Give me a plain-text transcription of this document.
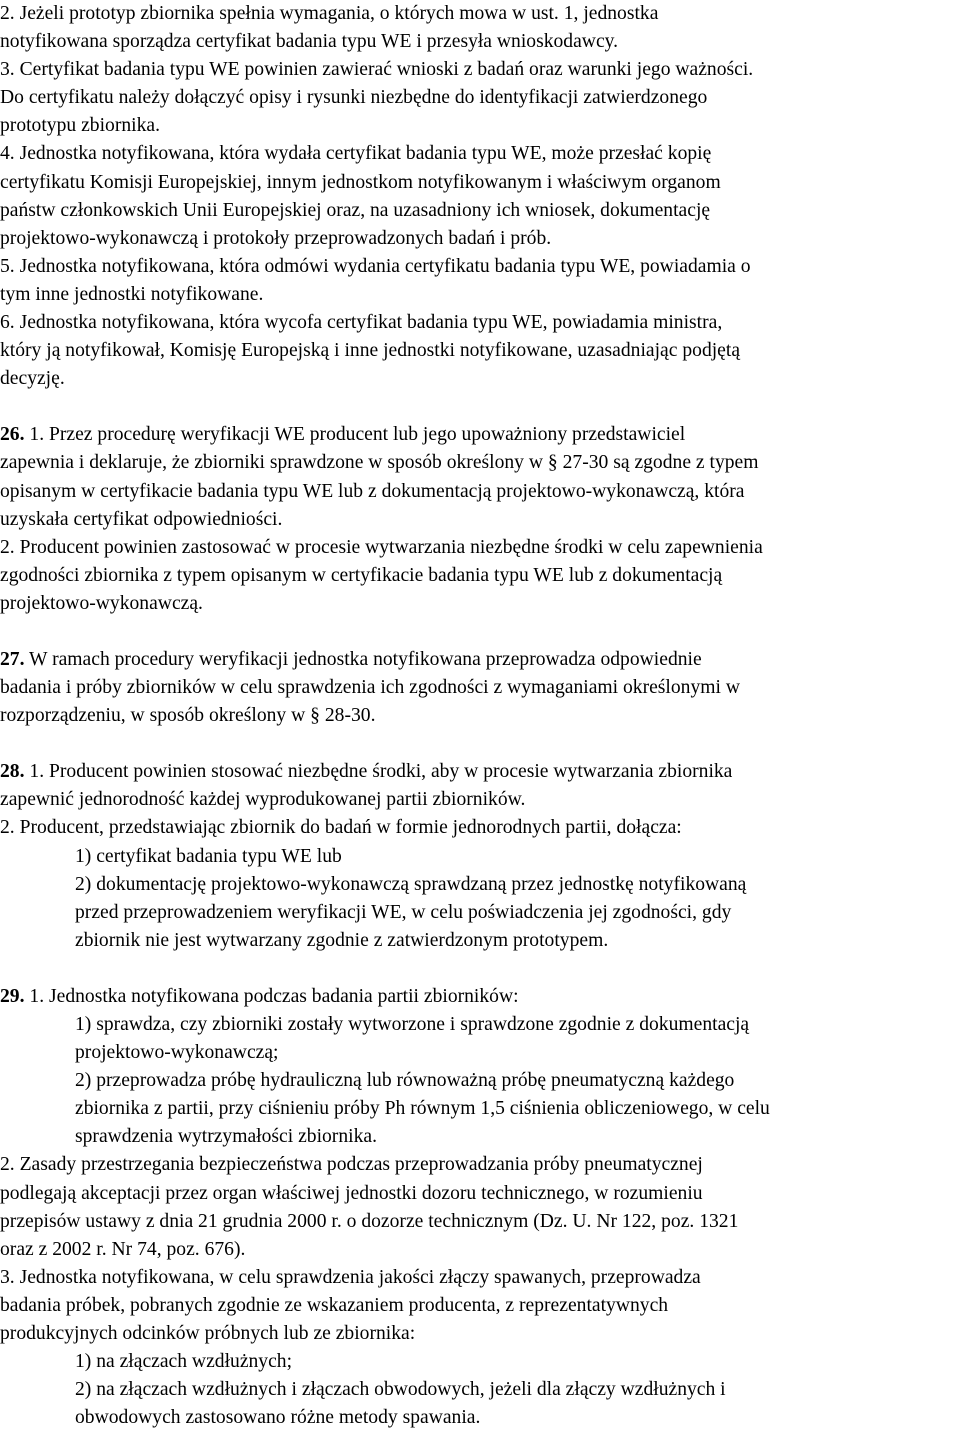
2. Jeżeli prototyp zbiornika spełnia wymagania, o których mowa w ust. 1, jednostka
notyfikowana sporządza certyfikat badania typu WE i przesyła wnioskodawcy.
3. Certyfikat badania typu WE powinien zawierać wnioski z badań oraz warunki jego ważności.
Do certyfikatu należy dołączyć opisy i rysunki niezbędne do identyfikacji zatwierdzonego
prototypu zbiornika.
4. Jednostka notyfikowana, która wydała certyfikat badania typu WE, może przesłać kopię
certyfikatu Komisji Europejskiej, innym jednostkom notyfikowanym i właściwym organom
państw członkowskich Unii Europejskiej oraz, na uzasadniony ich wniosek, dokumentację
projektowo-wykonawczą i protokoły przeprowadzonych badań i prób.
5. Jednostka notyfikowana, która odmówi wydania certyfikatu badania typu WE, powiadamia o
tym inne jednostki notyfikowane.
6. Jednostka notyfikowana, która wycofa certyfikat badania typu WE, powiadamia ministra,
który ją notyfikował, Komisję Europejską i inne jednostki notyfikowane, uzasadniając podjętą
decyzję.
26. 1. Przez procedurę weryfikacji WE producent lub jego upoważniony przedstawiciel
zapewnia i deklaruje, że zbiorniki sprawdzone w sposób określony w § 27-30 są zgodne z typem
opisanym w certyfikacie badania typu WE lub z dokumentacją projektowo-wykonawczą, która
uzyskała certyfikat odpowiedniości.
2. Producent powinien zastosować w procesie wytwarzania niezbędne środki w celu zapewnienia
zgodności zbiornika z typem opisanym w certyfikacie badania typu WE lub z dokumentacją
projektowo-wykonawczą.
27. W ramach procedury weryfikacji jednostka notyfikowana przeprowadza odpowiednie
badania i próby zbiorników w celu sprawdzenia ich zgodności z wymaganiami określonymi w
rozporządzeniu, w sposób określony w § 28-30.
28. 1. Producent powinien stosować niezbędne środki, aby w procesie wytwarzania zbiornika
zapewnić jednorodność każdej wyprodukowanej partii zbiorników.
2. Producent, przedstawiając zbiornik do badań w formie jednorodnych partii, dołącza:
1) certyfikat badania typu WE lub
2) dokumentację projektowo-wykonawczą sprawdzaną przez jednostkę notyfikowaną
przed przeprowadzeniem weryfikacji WE, w celu poświadczenia jej zgodności, gdy
zbiornik nie jest wytwarzany zgodnie z zatwierdzonym prototypem.
29. 1. Jednostka notyfikowana podczas badania partii zbiorników:
1) sprawdza, czy zbiorniki zostały wytworzone i sprawdzone zgodnie z dokumentacją
projektowo-wykonawczą;
2) przeprowadza próbę hydrauliczną lub równoważną próbę pneumatyczną każdego
zbiornika z partii, przy ciśnieniu próby Ph równym 1,5 ciśnienia obliczeniowego, w celu
sprawdzenia wytrzymałości zbiornika.
2. Zasady przestrzegania bezpieczeństwa podczas przeprowadzania próby pneumatycznej
podlegają akceptacji przez organ właściwej jednostki dozoru technicznego, w rozumieniu
przepisów ustawy z dnia 21 grudnia 2000 r. o dozorze technicznym (Dz. U. Nr 122, poz. 1321
oraz z 2002 r. Nr 74, poz. 676).
3. Jednostka notyfikowana, w celu sprawdzenia jakości złączy spawanych, przeprowadza
badania próbek, pobranych zgodnie ze wskazaniem producenta, z reprezentatywnych
produkcyjnych odcinków próbnych lub ze zbiornika:
1) na złączach wzdłużnych;
2) na złączach wzdłużnych i złączach obwodowych, jeżeli dla złączy wzdłużnych i
obwodowych zastosowano różne metody spawania.
